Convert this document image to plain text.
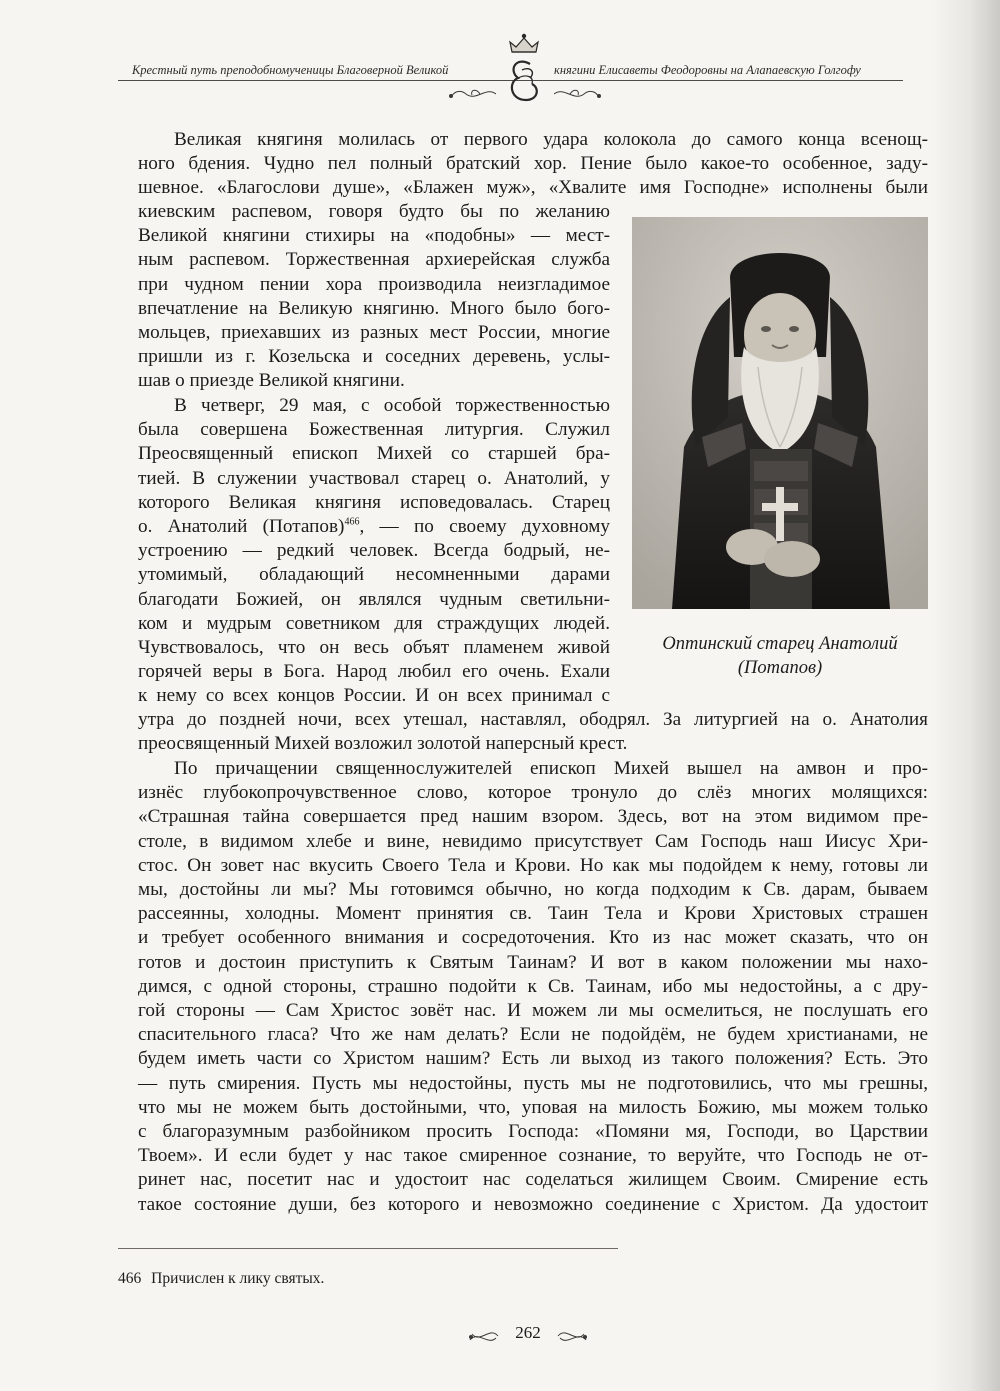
Крестный путь преподобномученицы Благоверной Великой	княгини Елисаветы Феодоровны на Алапаевскую Голгофу
Великая княгиня молилась от первого удара колокола до самого конца всенощ-
ного бдения. Чудно пел полный братский хор. Пение было какое-то особенное, заду-
шевное. «Благослови душе», «Блажен муж», «Хвалите имя Господне» исполнены были
киевским распевом, говоря будто бы по желанию
Великой княгини стихиры на «подобны» — мест-
ным распевом. Торжественная архиерейская служба
при чудном пении хора производила неизгладимое
впечатление на Великую княгиню. Много было бого-
мольцев, приехавших из разных мест России, многие
пришли из г. Козельска и соседних деревень, услы-
шав о приезде Великой княгини.
В четверг, 29 мая, с особой торжественностью
была совершена Божественная литургия. Служил
Преосвященный епископ Михей со старшей бра-
тией. В служении участвовал старец о. Анатолий, у
которого Великая княгиня исповедовалась. Старец
о. Анатолий (Потапов)$^{466}$, — по своему духовному
устроению — редкий человек. Всегда бодрый, не-
утомимый, обладающий несомненными дарами
благодати Божией, он являлся чудным светильни-
ком и мудрым советником для страждущих людей.
Чувствовалось, что он весь объят пламенем живой
горячей веры в Бога. Народ любил его очень. Ехали
к нему со всех концов России. И он всех принимал с
утра до поздней ночи, всех утешал, наставлял, ободрял. За литургией на о. Анатолия
преосвященный Михей возложил золотой наперсный крест.
По причащении священнослужителей епископ Михей вышел на амвон и про-
изнёс глубокопрочувственное слово, которое тронуло до слёз многих молящихся:
«Страшная тайна совершается пред нашим взором. Здесь, вот на этом видимом пре-
столе, в видимом хлебе и вине, невидимо присутствует Сам Господь наш Иисус Хри-
стос. Он зовет нас вкусить Своего Тела и Крови. Но как мы подойдем к нему, готовы ли
мы, достойны ли мы? Мы готовимся обычно, но когда подходим к Св. дарам, бываем
рассеянны, холодны. Момент принятия св. Таин Тела и Крови Христовых страшен
и требует особенного внимания и сосредоточения. Кто из нас может сказать, что он
готов и достоин приступить к Святым Таинам? И вот в каком положении мы нахо-
димся, с одной стороны, страшно подойти к Св. Таинам, ибо мы недостойны, а с дру-
гой стороны — Сам Христос зовёт нас. И можем ли мы осмелиться, не послушать его
спасительного гласа? Что же нам делать? Если не подойдём, не будем христианами, не
будем иметь части со Христом нашим? Есть ли выход из такого положения? Есть. Это
— путь смирения. Пусть мы недостойны, пусть мы не подготовились, что мы грешны,
что мы не можем быть достойными, что, уповая на милость Божию, мы можем только
с благоразумным разбойником просить Господа: «Помяни мя, Господи, во Царствии
Твоем». И если будет у нас такое смиренное сознание, то веруйте, что Господь не от-
ринет нас, посетит нас и удостоит нас соделаться жилищем Своим. Смирение есть
такое состояние души, без которого и невозможно соединение с Христом. Да удостоит
Оптинский старец Анатолий
(Потапов)
466 Причислен к лику святых.
262
